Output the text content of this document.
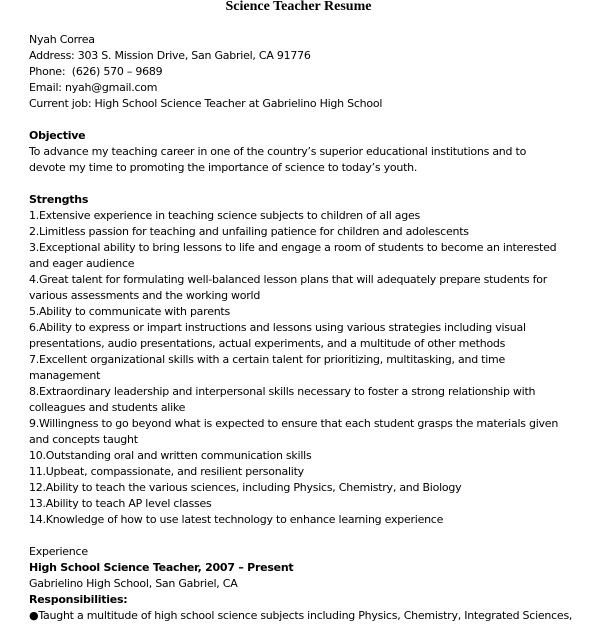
Science Teacher Resume
Nyah Correa
Address: 303 S. Mission Drive, San Gabriel, CA 91776
Phone:  (626) 570 – 9689
Email: nyah@gmail.com
Current job: High School Science Teacher at Gabrielino High School
Objective
To advance my teaching career in one of the country’s superior educational institutions and to
devote my time to promoting the importance of science to today’s youth.
Strengths
1.Extensive experience in teaching science subjects to children of all ages
2.Limitless passion for teaching and unfailing patience for children and adolescents
3.Exceptional ability to bring lessons to life and engage a room of students to become an interested
and eager audience
4.Great talent for formulating well-balanced lesson plans that will adequately prepare students for
various assessments and the working world
5.Ability to communicate with parents
6.Ability to express or impart instructions and lessons using various strategies including visual
presentations, audio presentations, actual experiments, and a multitude of other methods
7.Excellent organizational skills with a certain talent for prioritizing, multitasking, and time
management
8.Extraordinary leadership and interpersonal skills necessary to foster a strong relationship with
colleagues and students alike
9.Willingness to go beyond what is expected to ensure that each student grasps the materials given
and concepts taught
10.Outstanding oral and written communication skills
11.Upbeat, compassionate, and resilient personality
12.Ability to teach the various sciences, including Physics, Chemistry, and Biology
13.Ability to teach AP level classes
14.Knowledge of how to use latest technology to enhance learning experience
Experience
High School Science Teacher, 2007 – Present
Gabrielino High School, San Gabriel, CA
Responsibilities:
●Taught a multitude of high school science subjects including Physics, Chemistry, Integrated Sciences,
